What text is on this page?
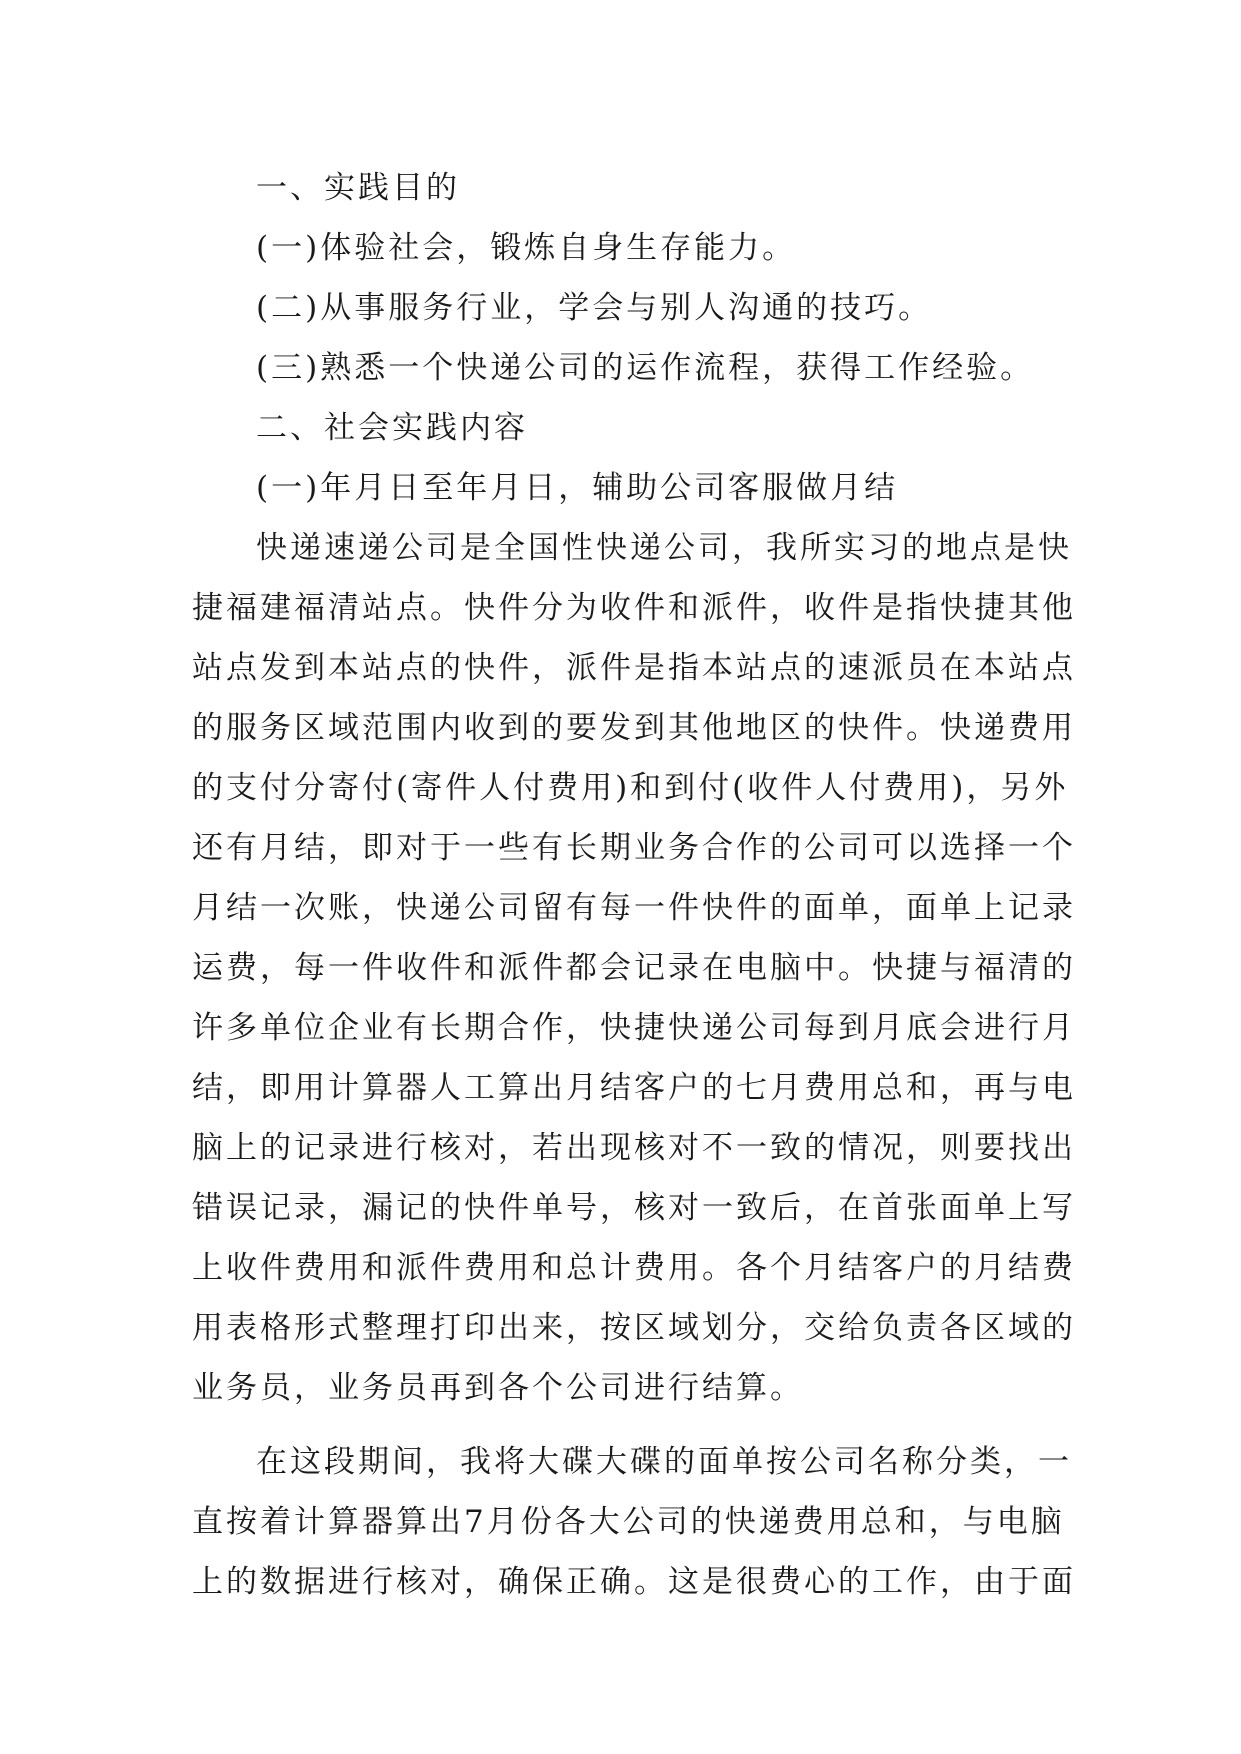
一、实践目的

(一)体验社会，锻炼自身生存能力。

(二)从事服务行业，学会与别人沟通的技巧。

(三)熟悉一个快递公司的运作流程，获得工作经验。

二、社会实践内容

(一)年月日至年月日，辅助公司客服做月结

快递速递公司是全国性快递公司，我所实习的地点是快

捷福建福清站点。快件分为收件和派件，收件是指快捷其他

站点发到本站点的快件，派件是指本站点的速派员在本站点

的服务区域范围内收到的要发到其他地区的快件。快递费用

的支付分寄付(寄件人付费用)和到付(收件人付费用)，另外

还有月结，即对于一些有长期业务合作的公司可以选择一个

月结一次账，快递公司留有每一件快件的面单，面单上记录

运费，每一件收件和派件都会记录在电脑中。快捷与福清的

许多单位企业有长期合作，快捷快递公司每到月底会进行月

结，即用计算器人工算出月结客户的七月费用总和，再与电

脑上的记录进行核对，若出现核对不一致的情况，则要找出

错误记录，漏记的快件单号，核对一致后，在首张面单上写

上收件费用和派件费用和总计费用。各个月结客户的月结费

用表格形式整理打印出来，按区域划分，交给负责各区域的

业务员，业务员再到各个公司进行结算。

在这段期间，我将大碟大碟的面单按公司名称分类，一

直按着计算器算出7月份各大公司的快递费用总和，与电脑

上的数据进行核对，确保正确。这是很费心的工作，由于面
